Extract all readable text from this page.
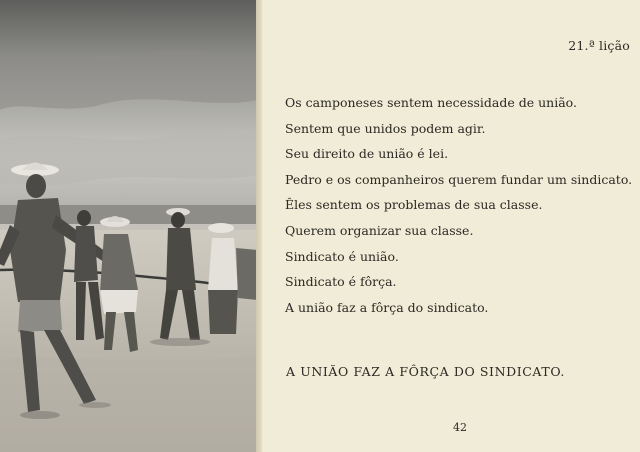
21.ª lição
Os camponeses sentem necessidade de união.
Sentem que unidos podem agir.
Seu direito de união é lei.
Pedro e os companheiros querem fundar um sindicato.
Êles sentem os problemas de sua classe.
Querem organizar sua classe.
Sindicato é união.
Sindicato é fôrça.
A união faz a fôrça do sindicato.
A UNIÃO FAZ A FÔRÇA DO SINDICATO.
42
